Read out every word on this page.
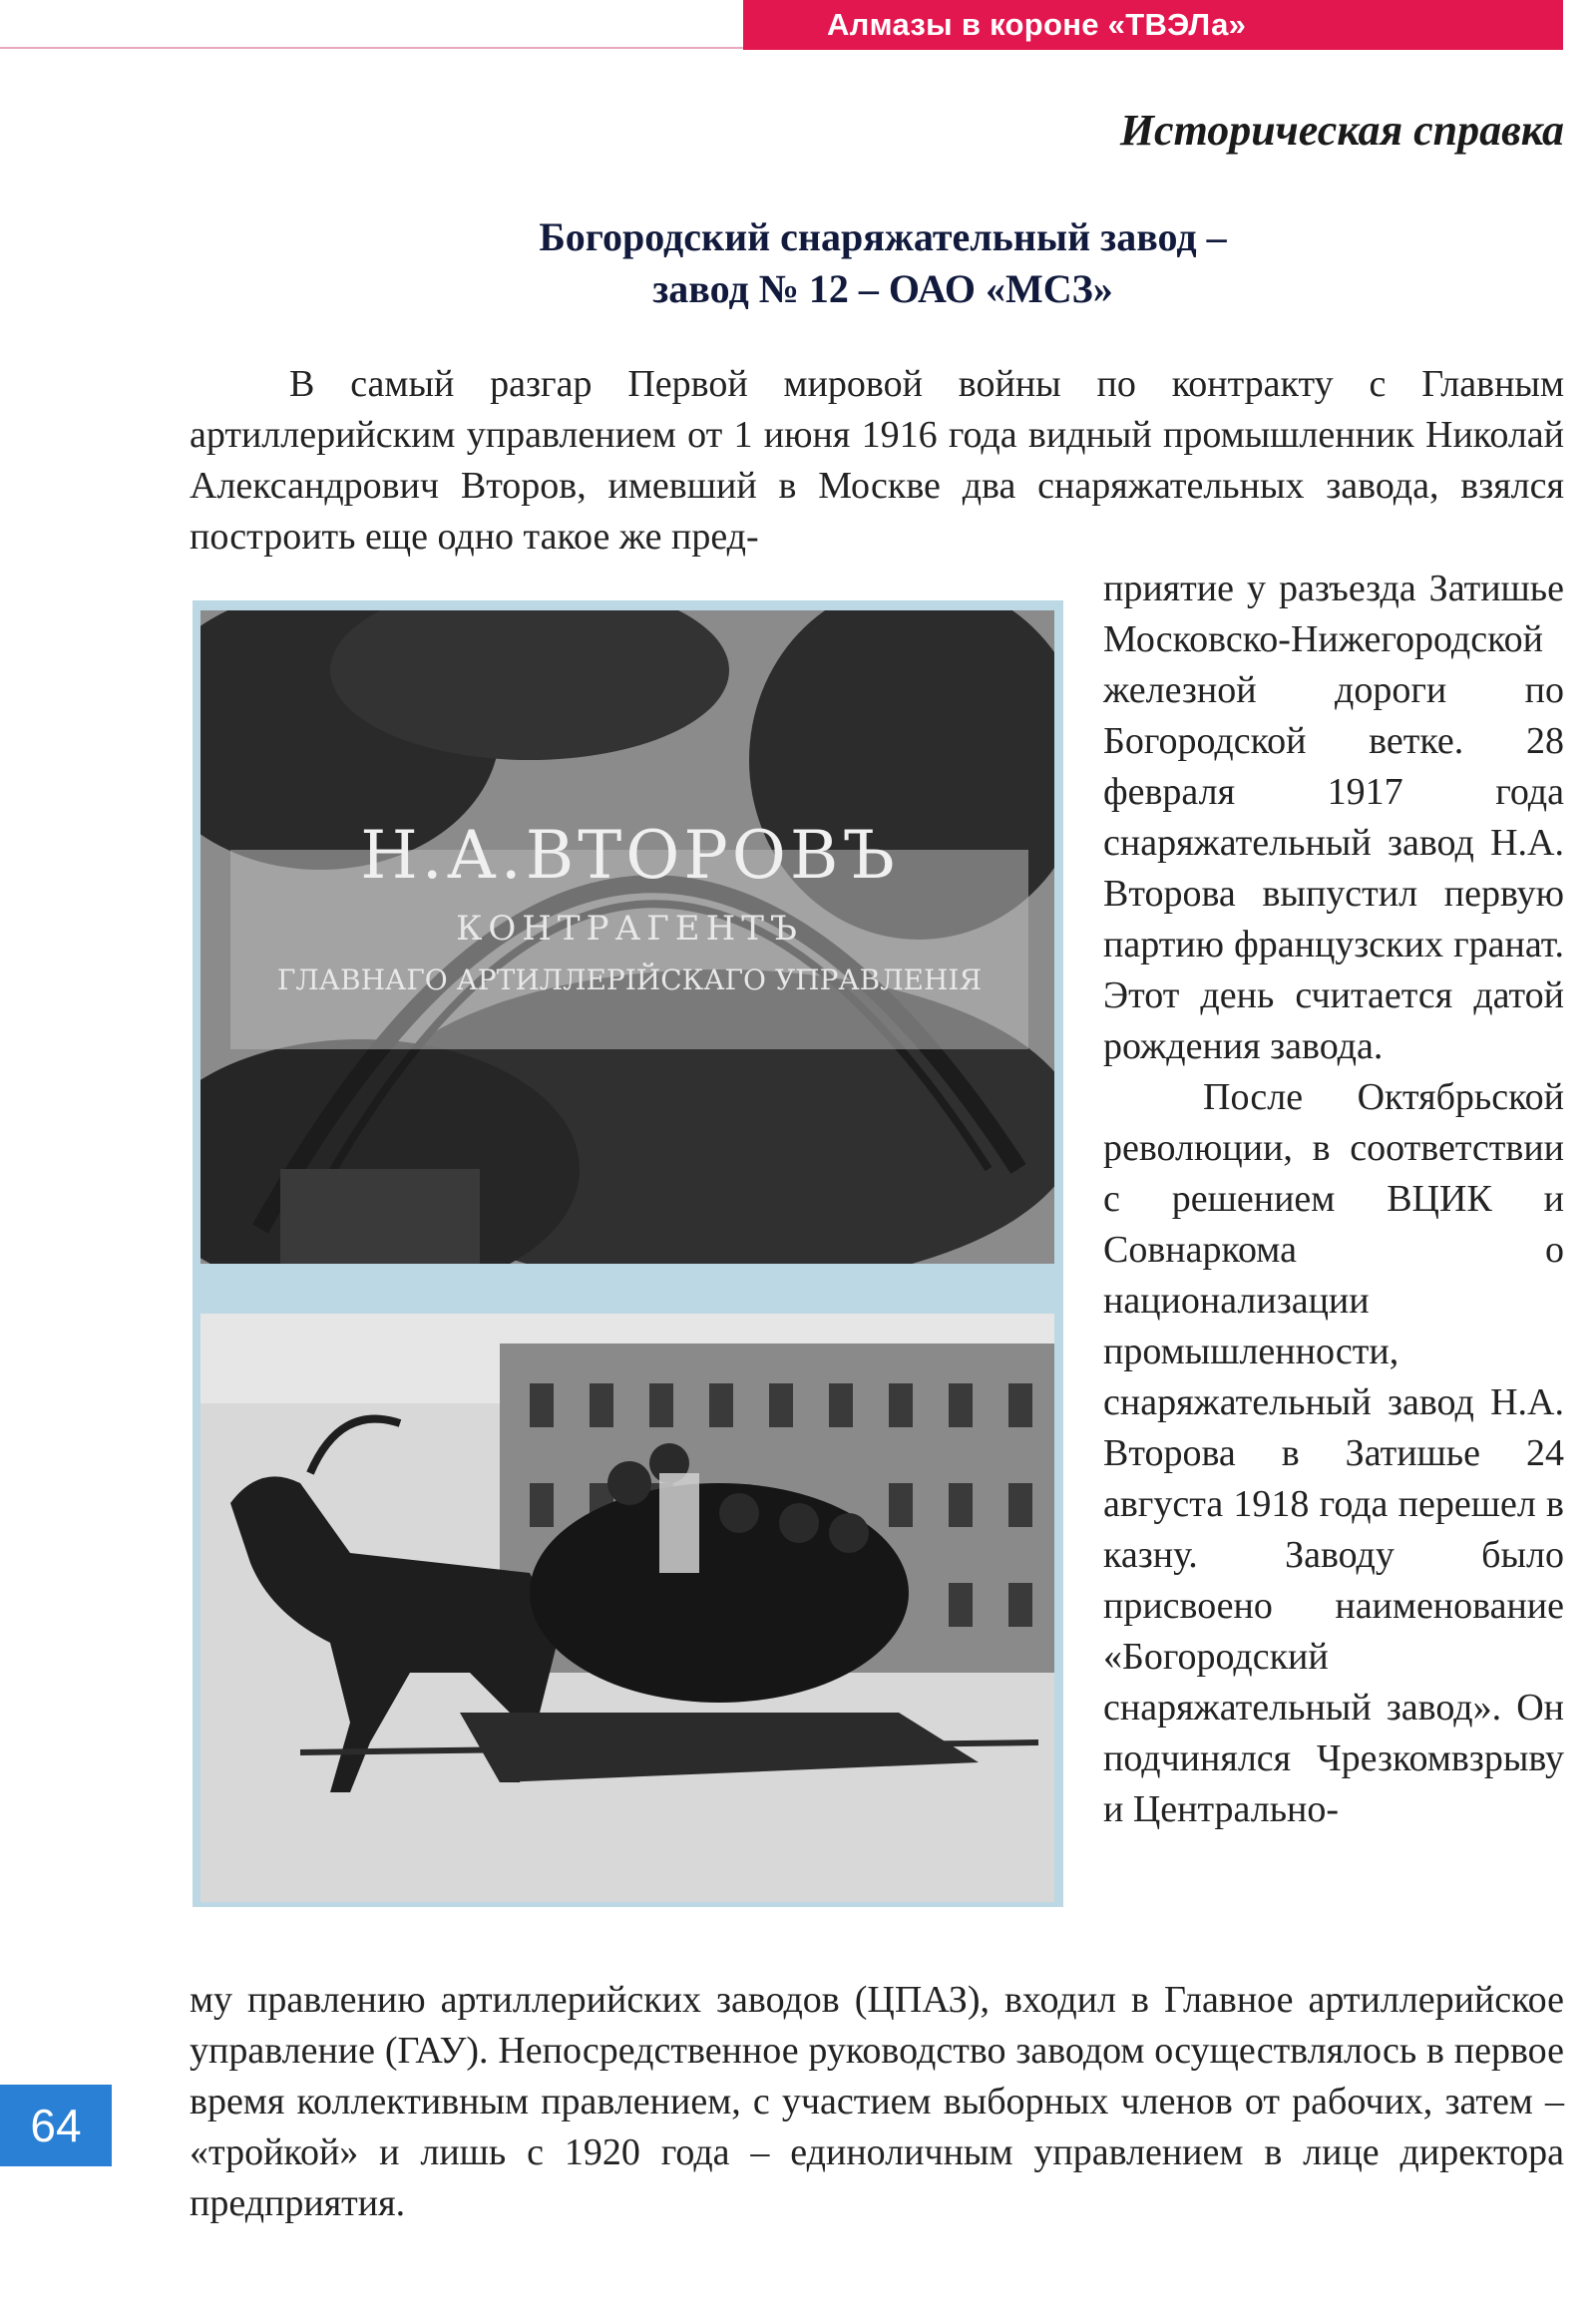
Алмазы в короне «ТВЭЛа»
Историческая справка
Богородский снаряжательный завод –
завод № 12 – ОАО «МСЗ»
В самый разгар Первой мировой войны по контракту с Главным артиллерийским управлением от 1 июня 1916 года видный промышленник Николай Александрович Второв, имевший в Москве два снаряжательных завода, взялся построить еще одно такое же пред-
Н.А.ВТОРОВЪ
КОНТРАГЕНТЪ
ГЛАВНАГО АРТИЛЛЕРIЙСКАГО УПРАВЛЕНIЯ

приятие у разъезда Затишье Московско-Нижегородской железной дороги по Богородской ветке. 28 февраля 1917 года снаряжательный завод Н.А. Второва выпустил первую партию французских гранат. Этот день считается датой рождения завода.

После Октябрьской революции, в соответствии с решением ВЦИК и Совнаркома о национализации промышленности, снаряжательный завод Н.А. Второва в Затишье 24 августа 1918 года перешел в казну. Заводу было присвоено наименование «Богородский снаряжательный завод». Он подчинялся Чрезкомвзрыву и Центрально-

му правлению артиллерийских заводов (ЦПАЗ), входил в Главное артиллерийское управление (ГАУ). Непосредственное руководство заводом осуществлялось в первое время коллективным правлением, с участием выборных членов от рабочих, затем – «тройкой» и лишь с 1920 года – единоличным управлением в лице директора предприятия.
64
